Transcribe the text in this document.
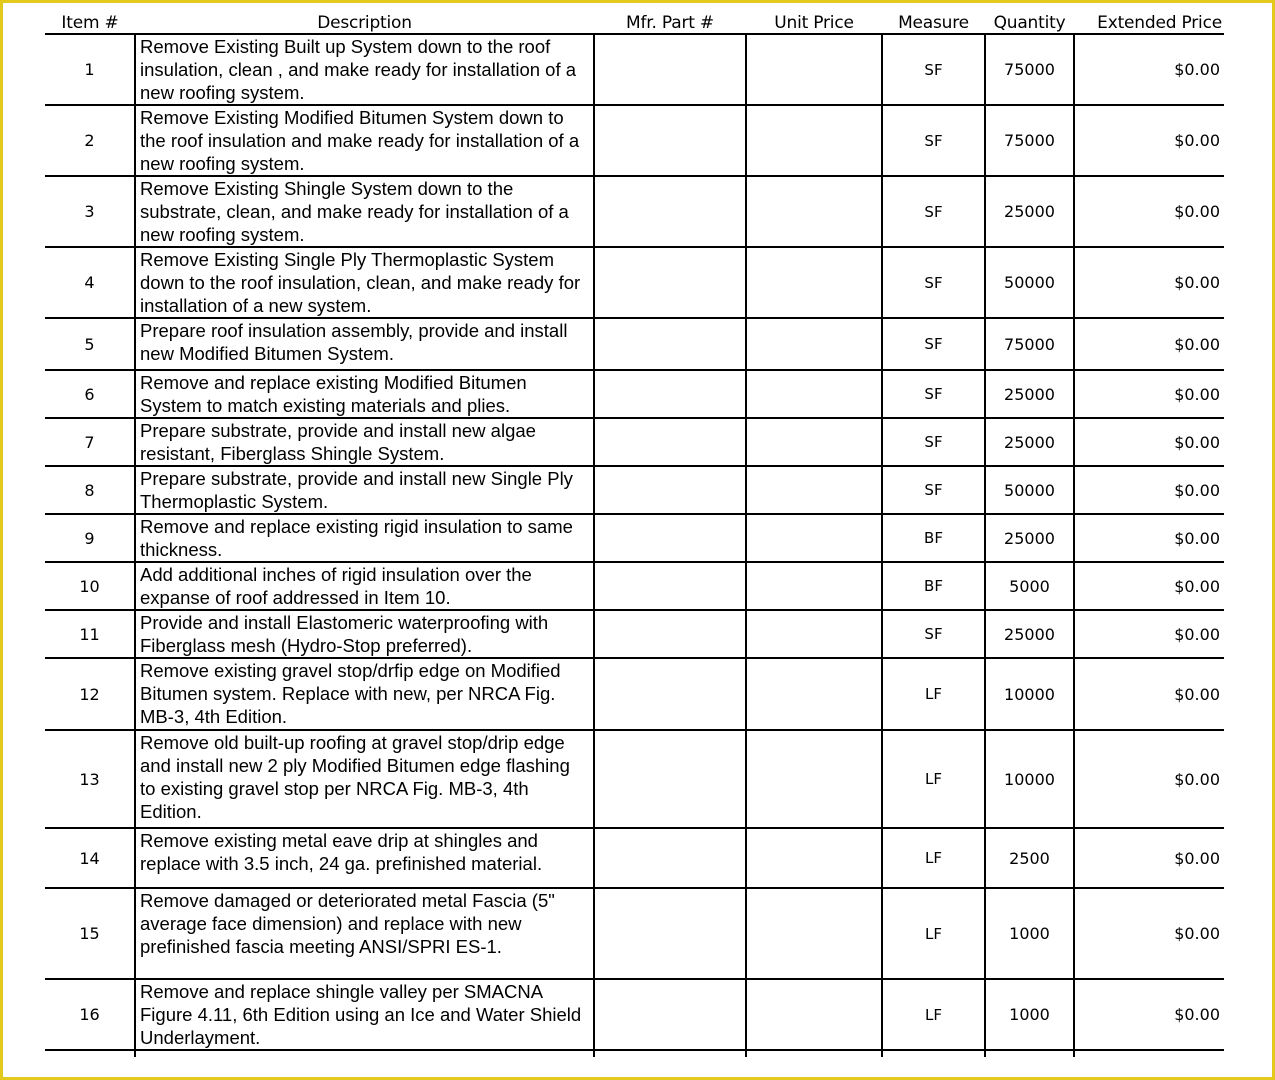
Item #	Description	Mfr. Part #	Unit Price	Measure	Quantity	Extended Price
1	Remove Existing Built up System down to the roof insulation, clean , and make ready for installation of a new roofing system.			SF	75000	$0.00
2	Remove Existing Modified Bitumen System down to the roof insulation and make ready for installation of a new roofing system.			SF	75000	$0.00
3	Remove Existing Shingle System down to the substrate, clean, and make ready for installation of a new roofing system.			SF	25000	$0.00
4	Remove Existing Single Ply Thermoplastic System down to the roof insulation, clean, and make ready for installation of a new system.			SF	50000	$0.00
5	Prepare roof insulation assembly, provide and install new Modified Bitumen System.			SF	75000	$0.00
6	Remove and replace existing Modified Bitumen System to match existing materials and plies.			SF	25000	$0.00
7	Prepare substrate, provide and install new algae resistant, Fiberglass Shingle System.			SF	25000	$0.00
8	Prepare substrate, provide and install new Single Ply Thermoplastic System.			SF	50000	$0.00
9	Remove and replace existing rigid insulation to same thickness.			BF	25000	$0.00
10	Add additional inches of rigid insulation over the expanse of roof addressed in Item 10.			BF	5000	$0.00
11	Provide and install Elastomeric waterproofing with Fiberglass mesh (Hydro-Stop preferred).			SF	25000	$0.00
12	Remove existing gravel stop/drfip edge on Modified Bitumen system. Replace with new, per NRCA Fig. MB-3, 4th Edition.			LF	10000	$0.00
13	Remove old built-up roofing at gravel stop/drip edge and install new 2 ply Modified Bitumen edge flashing to existing gravel stop per NRCA Fig. MB-3, 4th Edition.			LF	10000	$0.00
14	Remove existing metal eave drip at shingles and replace with 3.5 inch, 24 ga. prefinished material.			LF	2500	$0.00
15	Remove damaged or deteriorated metal Fascia (5" average face dimension) and replace with new prefinished fascia meeting ANSI/SPRI ES-1.			LF	1000	$0.00
16	Remove and replace shingle valley per SMACNA Figure 4.11, 6th Edition using an Ice and Water Shield Underlayment.			LF	1000	$0.00
